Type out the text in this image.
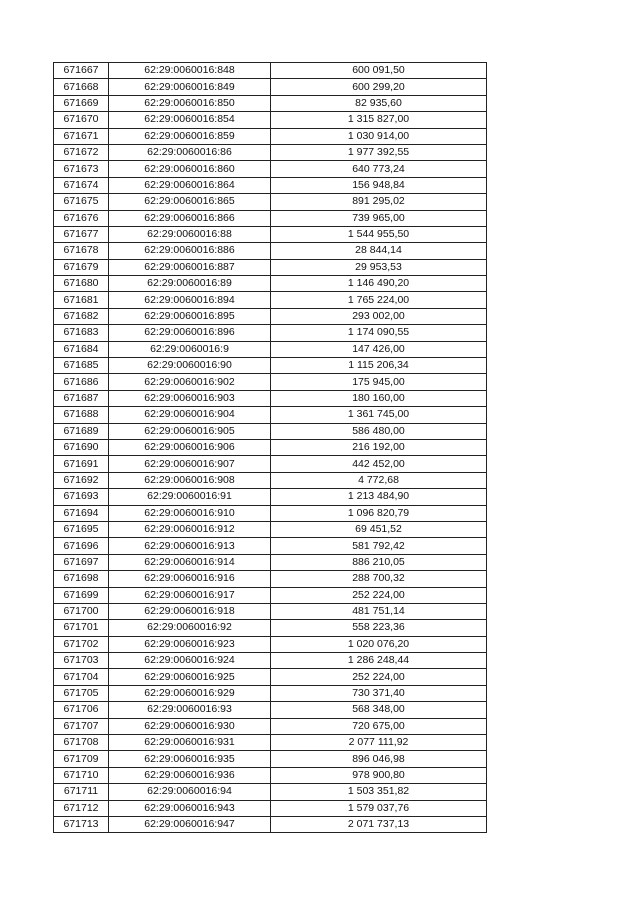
671667	62:29:0060016:848	600 091,50
671668	62:29:0060016:849	600 299,20
671669	62:29:0060016:850	82 935,60
671670	62:29:0060016:854	1 315 827,00
671671	62:29:0060016:859	1 030 914,00
671672	62:29:0060016:86	1 977 392,55
671673	62:29:0060016:860	640 773,24
671674	62:29:0060016:864	156 948,84
671675	62:29:0060016:865	891 295,02
671676	62:29:0060016:866	739 965,00
671677	62:29:0060016:88	1 544 955,50
671678	62:29:0060016:886	28 844,14
671679	62:29:0060016:887	29 953,53
671680	62:29:0060016:89	1 146 490,20
671681	62:29:0060016:894	1 765 224,00
671682	62:29:0060016:895	293 002,00
671683	62:29:0060016:896	1 174 090,55
671684	62:29:0060016:9	147 426,00
671685	62:29:0060016:90	1 115 206,34
671686	62:29:0060016:902	175 945,00
671687	62:29:0060016:903	180 160,00
671688	62:29:0060016:904	1 361 745,00
671689	62:29:0060016:905	586 480,00
671690	62:29:0060016:906	216 192,00
671691	62:29:0060016:907	442 452,00
671692	62:29:0060016:908	4 772,68
671693	62:29:0060016:91	1 213 484,90
671694	62:29:0060016:910	1 096 820,79
671695	62:29:0060016:912	69 451,52
671696	62:29:0060016:913	581 792,42
671697	62:29:0060016:914	886 210,05
671698	62:29:0060016:916	288 700,32
671699	62:29:0060016:917	252 224,00
671700	62:29:0060016:918	481 751,14
671701	62:29:0060016:92	558 223,36
671702	62:29:0060016:923	1 020 076,20
671703	62:29:0060016:924	1 286 248,44
671704	62:29:0060016:925	252 224,00
671705	62:29:0060016:929	730 371,40
671706	62:29:0060016:93	568 348,00
671707	62:29:0060016:930	720 675,00
671708	62:29:0060016:931	2 077 111,92
671709	62:29:0060016:935	896 046,98
671710	62:29:0060016:936	978 900,80
671711	62:29:0060016:94	1 503 351,82
671712	62:29:0060016:943	1 579 037,76
671713	62:29:0060016:947	2 071 737,13
